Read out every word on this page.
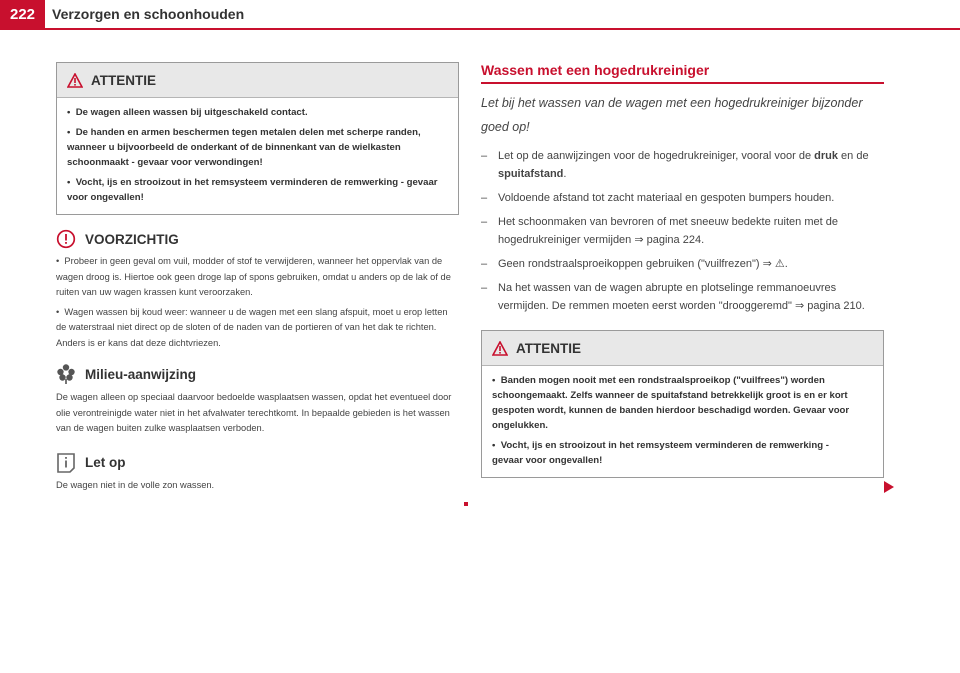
222	Verzorgen en schoonhouden
ATTENTIE

•  De wagen alleen wassen bij uitgeschakeld contact.

•  De handen en armen beschermen tegen metalen delen met scherpe randen, wanneer u bijvoorbeeld de onderkant of de binnenkant van de wielkasten schoonmaakt - gevaar voor verwondingen!

•  Vocht, ijs en strooizout in het remsysteem verminderen de remwerking - gevaar voor ongevallen!

VOORZICHTIG

•  Probeer in geen geval om vuil, modder of stof te verwijderen, wanneer het oppervlak van de wagen droog is. Hiertoe ook geen droge lap of spons gebruiken, omdat u anders op de lak of de ruiten van uw wagen krassen kunt veroorzaken.

•  Wagen wassen bij koud weer: wanneer u de wagen met een slang afspuit, moet u erop letten de waterstraal niet direct op de sloten of de naden van de portieren of van het dak te richten. Anders is er kans dat deze dichtvriezen.

Milieu-aanwijzing
De wagen alleen op speciaal daarvoor bedoelde wasplaatsen wassen, opdat het eventueel door olie verontreinigde water niet in het afvalwater terechtkomt. In bepaalde gebieden is het wassen van de wagen buiten zulke wasplaatsen verboden.
Let op
De wagen niet in de volle zon wassen.
Wassen met een hogedrukreiniger
Let bij het wassen van de wagen met een hogedrukreiniger bijzonder goed op!
– Let op de aanwijzingen voor de hogedrukreiniger, vooral voor de druk en de spuitafstand.
– Voldoende afstand tot zacht materiaal en gespoten bumpers houden.
– Het schoonmaken van bevroren of met sneeuw bedekte ruiten met de hogedrukreiniger vermijden ⇒ pagina 224.
– Geen rondstraalsproeikoppen gebruiken ("vuilfrezen") ⇒ ⚠.
– Na het wassen van de wagen abrupte en plotselinge remmanoeuvres vermijden. De remmen moeten eerst worden "drooggeremd" ⇒ pagina 210.
ATTENTIE

•  Banden mogen nooit met een rondstraalsproeikop ("vuilfrees") worden schoongemaakt. Zelfs wanneer de spuitafstand betrekkelijk groot is en er kort gespoten wordt, kunnen de banden hierdoor beschadigd worden. Gevaar voor ongelukken.

•  Vocht, ijs en strooizout in het remsysteem verminderen de remwerking - gevaar voor ongevallen!
